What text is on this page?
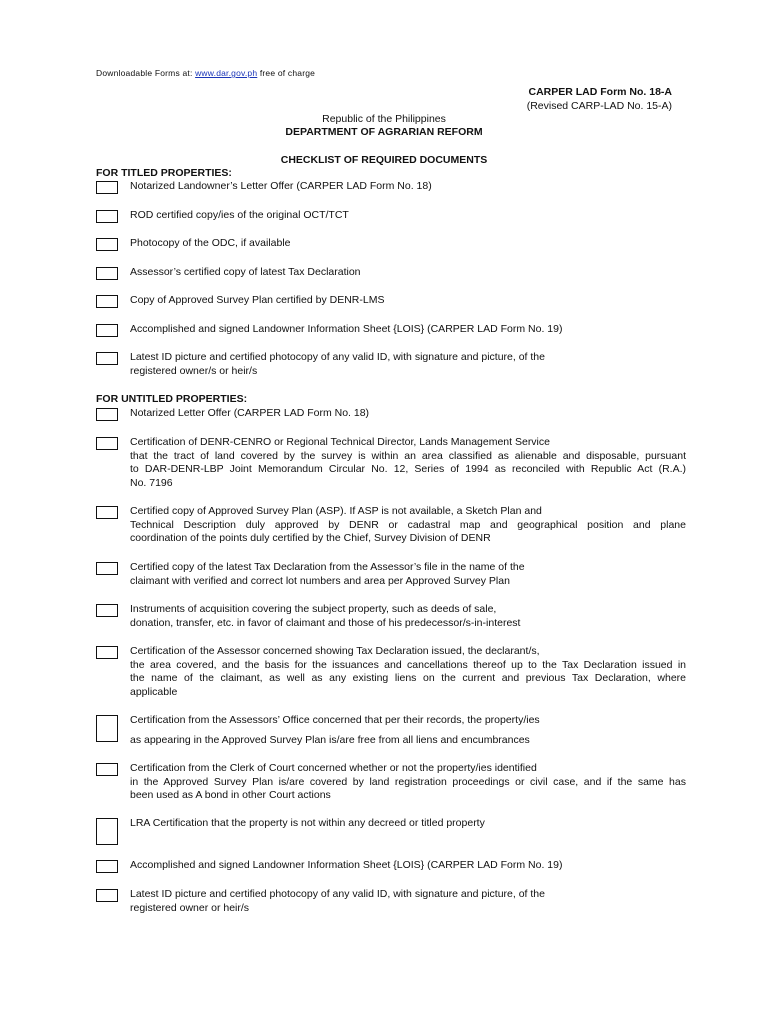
Downloadable Forms at: www.dar.gov.ph free of charge
CARPER LAD Form No. 18-A
(Revised CARP-LAD No. 15-A)
Republic of the Philippines
DEPARTMENT OF AGRARIAN REFORM
CHECKLIST OF REQUIRED DOCUMENTS
FOR TITLED PROPERTIES:
Notarized Landowner’s Letter Offer (CARPER LAD Form No. 18)
ROD certified copy/ies of the original OCT/TCT
Photocopy of the ODC, if available
Assessor’s certified copy of latest Tax Declaration
Copy of Approved Survey Plan certified by DENR-LMS
Accomplished and signed Landowner Information Sheet {LOIS} (CARPER LAD Form No. 19)
Latest ID picture and certified photocopy of any valid ID, with signature and picture, of the
registered owner/s or heir/s
FOR UNTITLED PROPERTIES:
Notarized Letter Offer (CARPER LAD Form No. 18)
Certification of DENR-CENRO or Regional Technical Director, Lands Management Service
that the tract of land covered by the survey is within an area classified as alienable and disposable, pursuant
to DAR-DENR-LBP Joint Memorandum Circular No. 12, Series of 1994 as reconciled with Republic Act (R.A.)
No. 7196
Certified copy of Approved Survey Plan (ASP). If ASP is not available, a Sketch Plan and
Technical Description duly approved by DENR or cadastral map and geographical position and plane
coordination of the points duly certified by the Chief, Survey Division of DENR
Certified copy of the latest Tax Declaration from the Assessor’s file in the name of the
claimant with verified and correct lot numbers and area per Approved Survey Plan
Instruments of acquisition covering the subject property, such as deeds of sale,
donation, transfer, etc. in favor of claimant and those of his predecessor/s-in-interest
Certification of the Assessor concerned showing Tax Declaration issued, the declarant/s,
the area covered, and the basis for the issuances and cancellations thereof up to the Tax Declaration issued in
the name of the claimant, as well as any existing liens on the current and previous Tax Declaration, where
applicable
Certification from the Assessors’ Office concerned that per their records, the property/ies
as appearing in the Approved Survey Plan is/are free from all liens and encumbrances
Certification from the Clerk of Court concerned whether or not the property/ies identified
in the Approved Survey Plan is/are covered by land registration proceedings or civil case, and if the same has
been used as A bond in other Court actions
LRA Certification that the property is not within any decreed or titled property
Accomplished and signed Landowner Information Sheet {LOIS} (CARPER LAD Form No. 19)
Latest ID picture and certified photocopy of any valid ID, with signature and picture, of the
registered owner or heir/s
